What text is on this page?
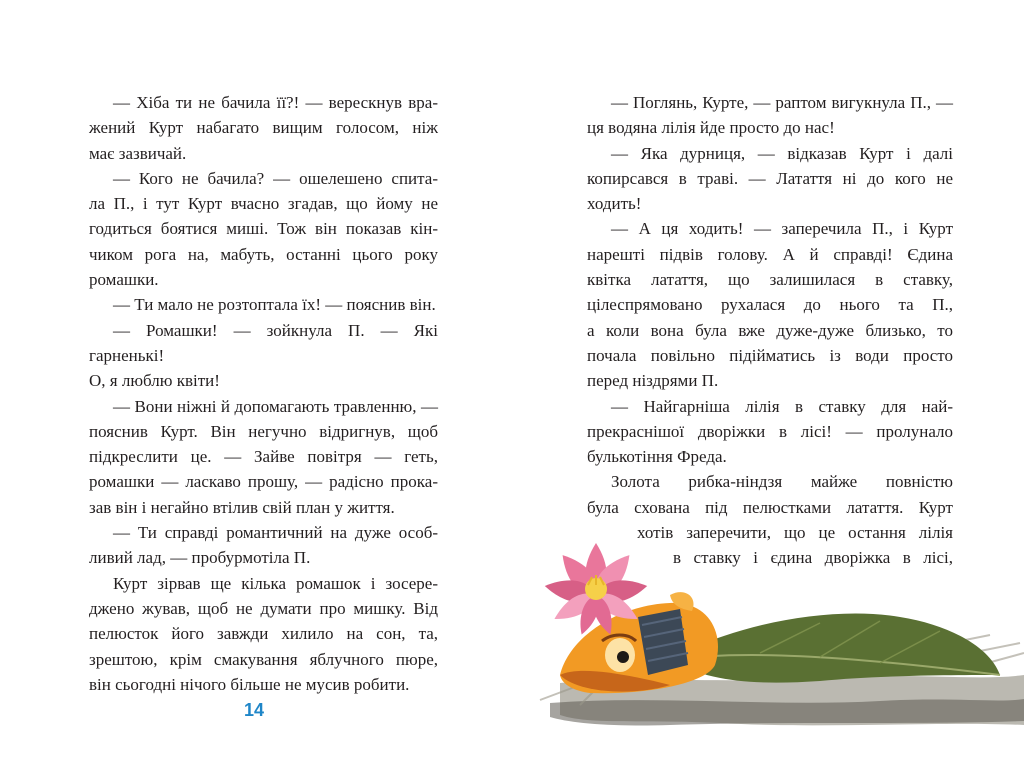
— Хіба ти не бачила її?! — верескнув вра-

жений Курт набагато вищим голосом, ніж

має зазвичай.

— Кого не бачила? — ошелешено спита-

ла П., і тут Курт вчасно згадав, що йому не

годиться боятися миші. Тож він показав кін-

чиком рога на, мабуть, останні цього року

ромашки.

— Ти мало не розтоптала їх! — пояснив він.

— Ромашки! — зойкнула П. — Які гарненькі!

О, я люблю квіти!

— Вони ніжні й допомагають травленню, —

пояснив Курт. Він негучно відригнув, щоб

підкреслити це. — Зайве повітря — геть,

ромашки — ласкаво прошу, — радісно прока-

зав він і негайно втілив свій план у життя.

— Ти справді романтичний на дуже особ-

ливий лад, — пробурмотіла П.

Курт зірвав ще кілька ромашок і зосере-

джено жував, щоб не думати про мишку. Від

пелюсток його завжди хилило на сон, та,

зрештою, крім смакування яблучного пюре,

він сьогодні нічого більше не мусив робити.

14

— Поглянь, Курте, — раптом вигукнула П., —

ця водяна лілія йде просто до нас!

— Яка дурниця, — відказав Курт і далі

копирсався в траві. — Латаття ні до кого не

ходить!

— А ця ходить! — заперечила П., і Курт

нарешті підвів голову. А й справді! Єдина

квітка латаття, що залишилася в ставку,

цілеспрямовано рухалася до нього та П.,

а коли вона була вже дуже-дуже близько, то

почала повільно підійматись із води просто

перед ніздрями П.

— Найгарніша лілія в ставку для най-

прекраснішої дворіжки в лісі! — пролунало

булькотіння Фреда.

Золота рибка-ніндзя майже повністю

була схована під пелюстками латаття. Курт

хотів заперечити, що це остання лілія

в ставку і єдина дворіжка в лісі,
